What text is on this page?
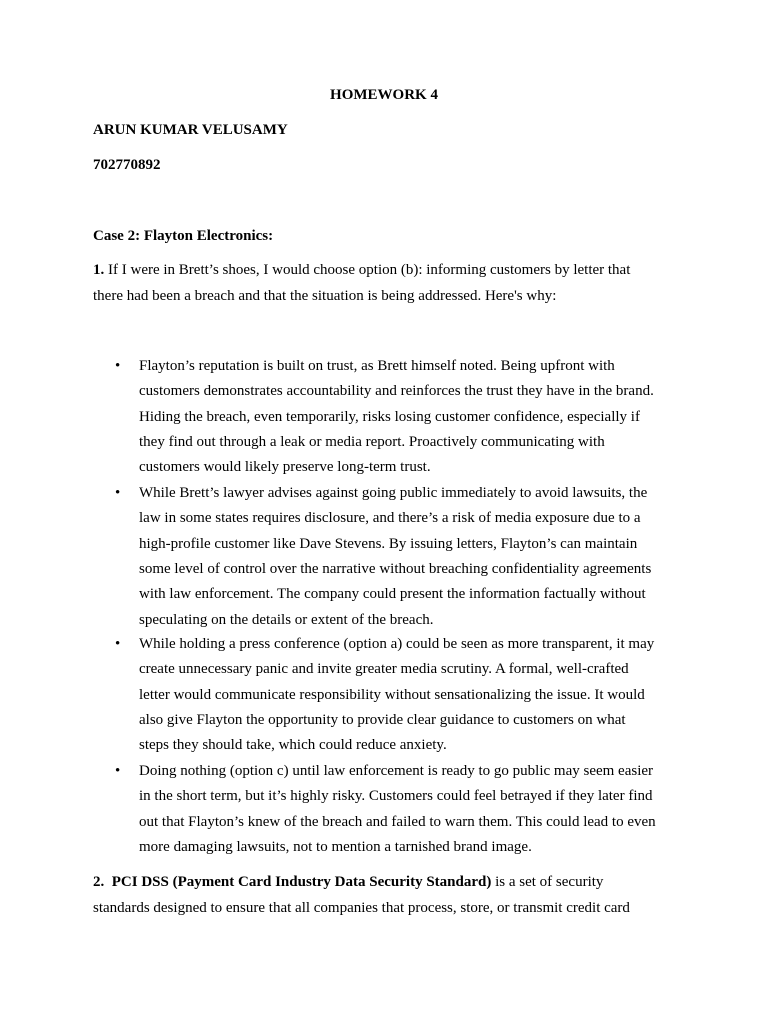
HOMEWORK 4
ARUN KUMAR VELUSAMY
702770892
Case 2: Flayton Electronics:
1. If I were in Brett’s shoes, I would choose option (b): informing customers by letter that
there had been a breach and that the situation is being addressed. Here's why:
• Flayton’s reputation is built on trust, as Brett himself noted. Being upfront with
customers demonstrates accountability and reinforces the trust they have in the brand.
Hiding the breach, even temporarily, risks losing customer confidence, especially if
they find out through a leak or media report. Proactively communicating with
customers would likely preserve long-term trust.
• While Brett’s lawyer advises against going public immediately to avoid lawsuits, the
law in some states requires disclosure, and there’s a risk of media exposure due to a
high-profile customer like Dave Stevens. By issuing letters, Flayton’s can maintain
some level of control over the narrative without breaching confidentiality agreements
with law enforcement. The company could present the information factually without
speculating on the details or extent of the breach.
• While holding a press conference (option a) could be seen as more transparent, it may
create unnecessary panic and invite greater media scrutiny. A formal, well-crafted
letter would communicate responsibility without sensationalizing the issue. It would
also give Flayton the opportunity to provide clear guidance to customers on what
steps they should take, which could reduce anxiety.
• Doing nothing (option c) until law enforcement is ready to go public may seem easier
in the short term, but it’s highly risky. Customers could feel betrayed if they later find
out that Flayton’s knew of the breach and failed to warn them. This could lead to even
more damaging lawsuits, not to mention a tarnished brand image.
2. PCI DSS (Payment Card Industry Data Security Standard) is a set of security
standards designed to ensure that all companies that process, store, or transmit credit card
